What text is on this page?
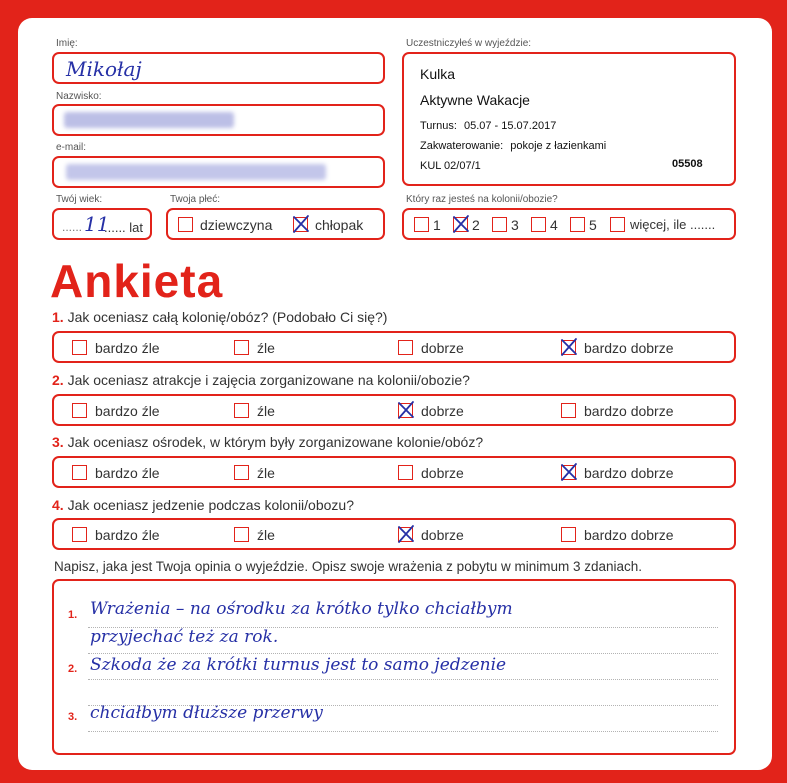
Imię:
Mikołaj
Nazwisko:
e-mail:
Twój wiek:
...... 11
...... lat
Twoja płeć:
dziewczyna	chłopak
Uczestniczyłeś w wyjeździe:
Kulka
Aktywne Wakacje
Turnus: 05.07 - 15.07.2017
Zakwaterowanie: pokoje z łazienkami
KUL 02/07/1	05508
Który raz jesteś na kolonii/obozie?
1 2 3 4 5	więcej, ile .......
Ankieta
1. Jak oceniasz całą kolonię/obóz? (Podobało Ci się?)
bardzo źle	źle	dobrze	bardzo dobrze
2. Jak oceniasz atrakcje i zajęcia zorganizowane na kolonii/obozie?
bardzo źle	źle	dobrze	bardzo dobrze
3. Jak oceniasz ośrodek, w którym były zorganizowane kolonie/obóz?
bardzo źle	źle	dobrze	bardzo dobrze
4. Jak oceniasz jedzenie podczas kolonii/obozu?
bardzo źle	źle	dobrze	bardzo dobrze
Napisz, jaka jest Twoja opinia o wyjeździe. Opisz swoje wrażenia z pobytu w minimum 3 zdaniach.
1.
2.
3.
Wrażenia – na ośrodku za krótko tylko chciałbym
przyjechać też za rok.
Szkoda że za krótki turnus jest to samo jedzenie
chciałbym dłuższe przerwy
